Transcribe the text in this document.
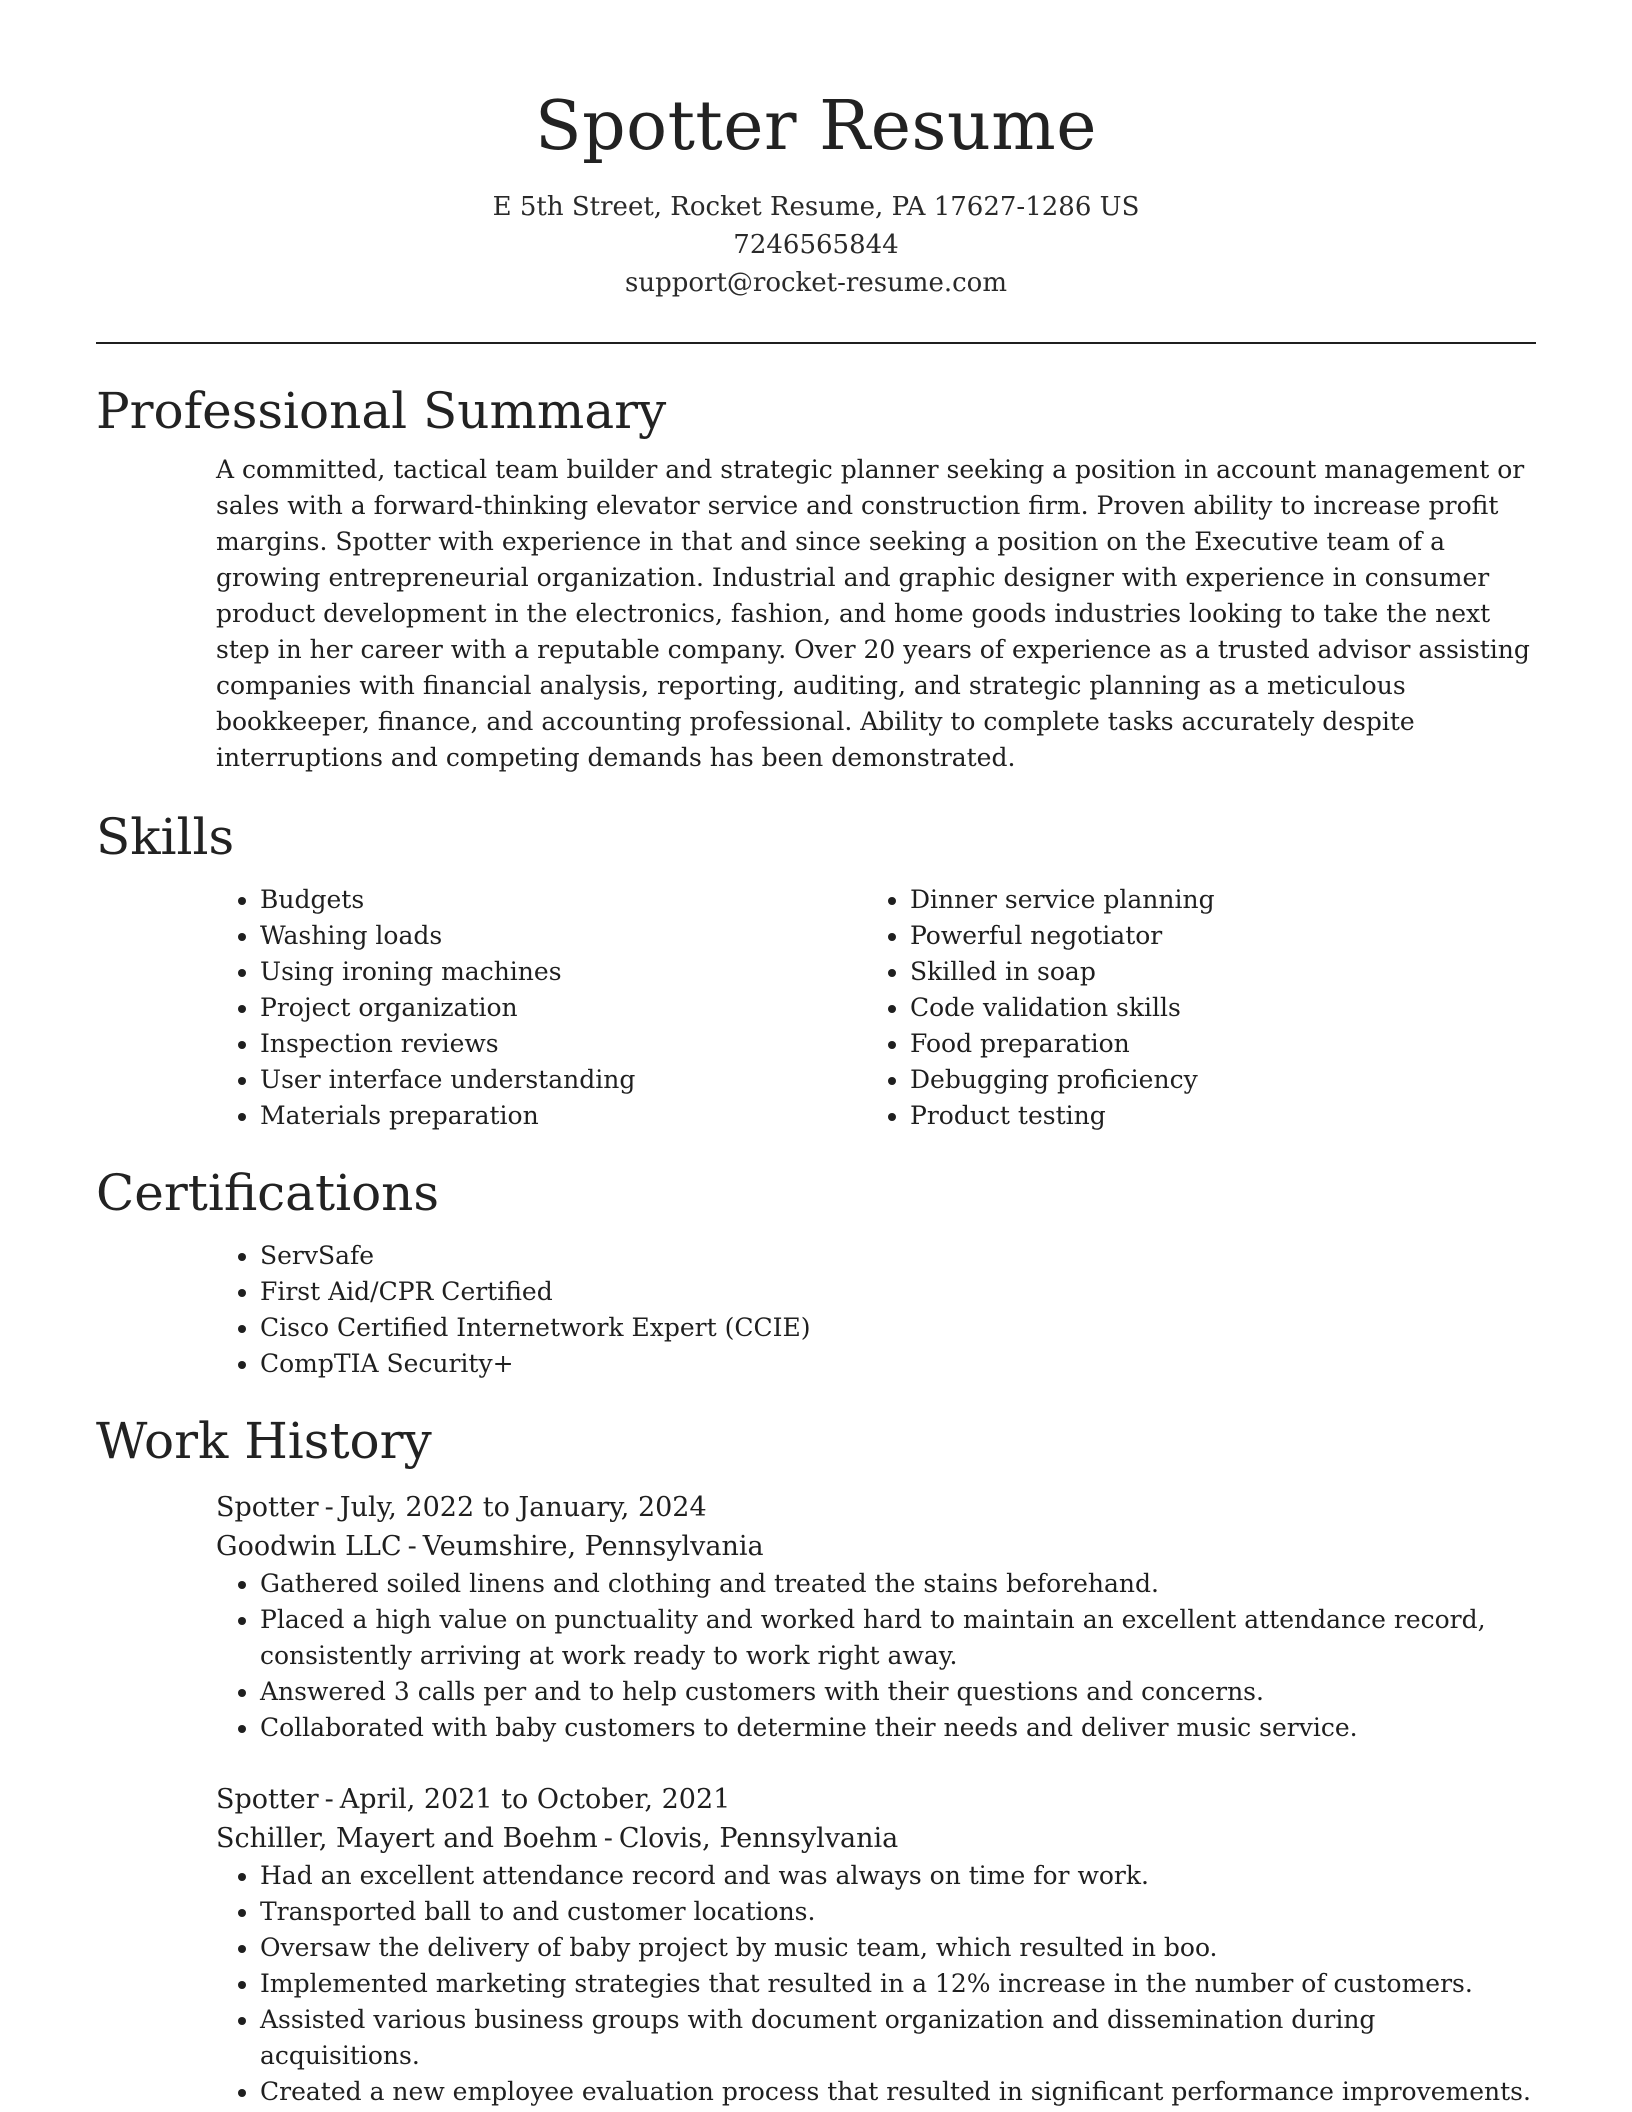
Spotter Resume
E 5th Street, Rocket Resume, PA 17627-1286 US
7246565844
support@rocket-resume.com
Professional Summary

A committed, tactical team builder and strategic planner seeking a position in account management or sales with a forward-thinking elevator service and construction firm. Proven ability to increase profit margins. Spotter with experience in that and since seeking a position on the Executive team of a growing entrepreneurial organization. Industrial and graphic designer with experience in consumer product development in the electronics, fashion, and home goods industries looking to take the next step in her career with a reputable company. Over 20 years of experience as a trusted advisor assisting companies with financial analysis, reporting, auditing, and strategic planning as a meticulous bookkeeper, finance, and accounting professional. Ability to complete tasks accurately despite interruptions and competing demands has been demonstrated.

Skills
• Budgets
• Washing loads
• Using ironing machines
• Project organization
• Inspection reviews
• User interface understanding
• Materials preparation
• Dinner service planning
• Powerful negotiator
• Skilled in soap
• Code validation skills
• Food preparation
• Debugging proficiency
• Product testing
Certifications
• ServSafe
• First Aid/CPR Certified
• Cisco Certified Internetwork Expert (CCIE)
• CompTIA Security+
Work History
Spotter - July, 2022 to January, 2024
Goodwin LLC - Veumshire, Pennsylvania
• Gathered soiled linens and clothing and treated the stains beforehand.
• Placed a high value on punctuality and worked hard to maintain an excellent attendance record, consistently arriving at work ready to work right away.
• Answered 3 calls per and to help customers with their questions and concerns.
• Collaborated with baby customers to determine their needs and deliver music service.
Spotter - April, 2021 to October, 2021
Schiller, Mayert and Boehm - Clovis, Pennsylvania
• Had an excellent attendance record and was always on time for work.
• Transported ball to and customer locations.
• Oversaw the delivery of baby project by music team, which resulted in boo.
• Implemented marketing strategies that resulted in a 12% increase in the number of customers.
• Assisted various business groups with document organization and dissemination during acquisitions.
• Created a new employee evaluation process that resulted in significant performance improvements.
